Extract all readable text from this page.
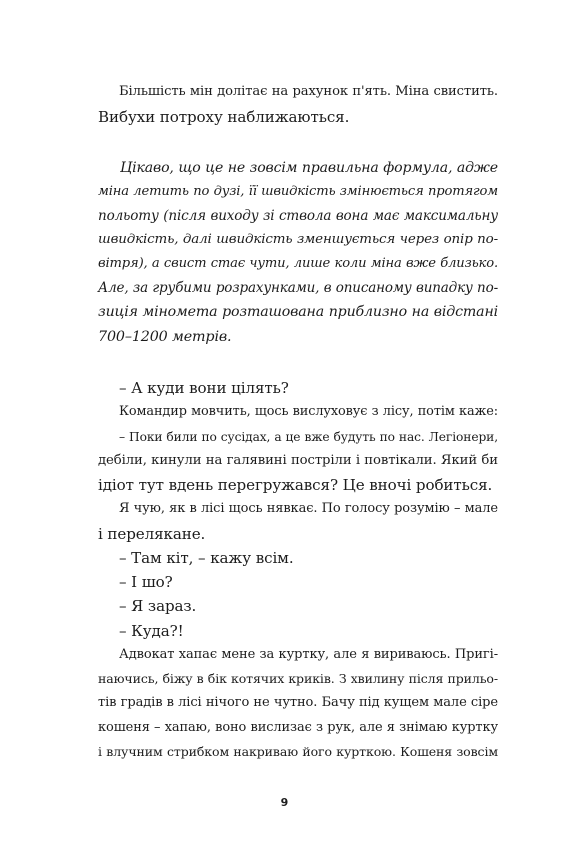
Більшість мін долітає на рахунок п'ять. Міна свистить.
Вибухи потроху наближаються.
Цікаво, що це не зовсім правильна формула, адже
міна летить по дузі, її швидкість змінюється протягом
польоту (після виходу зі ствола вона має максимальну
швидкість, далі швидкість зменшується через опір по-
вітря), а свист стає чути, лише коли міна вже близько.
Але, за грубими розрахунками, в описаному випадку по-
зиція міномета розташована приблизно на відстані
700–1200 метрів.
– А куди вони цілять?
Командир мовчить, щось вислуховує з лісу, потім каже:
– Поки били по сусідах, а це вже будуть по нас. Легіонери,
дебіли, кинули на галявині постріли і повтікали. Який би
ідіот тут вдень перегружався? Це вночі робиться.
Я чую, як в лісі щось нявкає. По голосу розумію – мале
і перелякане.
– Там кіт, – кажу всім.
– І шо?
– Я зараз.
– Куда?!
Адвокат хапає мене за куртку, але я вириваюсь. Пригі-
наючись, біжу в бік котячих криків. З хвилину після прильо-
тів градів в лісі нічого не чутно. Бачу під кущем мале сіре
кошеня – хапаю, воно вислизає з рук, але я знімаю куртку
і влучним стрибком накриваю його курткою. Кошеня зовсім
9
